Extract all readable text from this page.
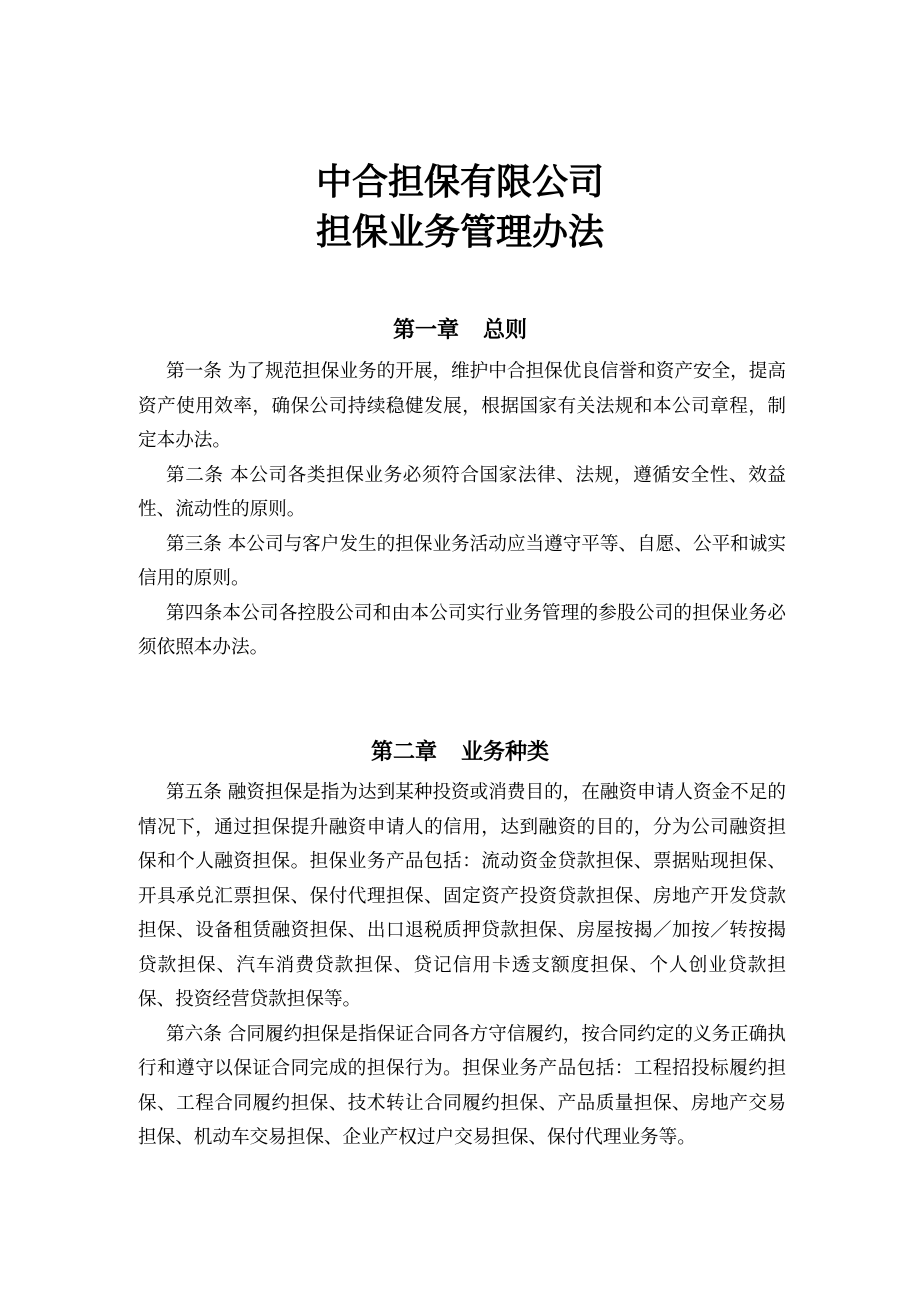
中合担保有限公司
担保业务管理办法
第一章 总则

第一条 为了规范担保业务的开展，维护中合担保优良信誉和资产安全，提高资产使用效率，确保公司持续稳健发展，根据国家有关法规和本公司章程，制定本办法。

第二条 本公司各类担保业务必须符合国家法律、法规，遵循安全性、效益性、流动性的原则。

第三条 本公司与客户发生的担保业务活动应当遵守平等、自愿、公平和诚实信用的原则。

第四条本公司各控股公司和由本公司实行业务管理的参股公司的担保业务必须依照本办法。

第二章 业务种类

第五条 融资担保是指为达到某种投资或消费目的，在融资申请人资金不足的情况下，通过担保提升融资申请人的信用，达到融资的目的，分为公司融资担保和个人融资担保。担保业务产品包括：流动资金贷款担保、票据贴现担保、开具承兑汇票担保、保付代理担保、固定资产投资贷款担保、房地产开发贷款担保、设备租赁融资担保、出口退税质押贷款担保、房屋按揭／加按／转按揭贷款担保、汽车消费贷款担保、贷记信用卡透支额度担保、个人创业贷款担保、投资经营贷款担保等。

第六条 合同履约担保是指保证合同各方守信履约，按合同约定的义务正确执行和遵守以保证合同完成的担保行为。担保业务产品包括：工程招投标履约担保、工程合同履约担保、技术转让合同履约担保、产品质量担保、房地产交易担保、机动车交易担保、企业产权过户交易担保、保付代理业务等。
